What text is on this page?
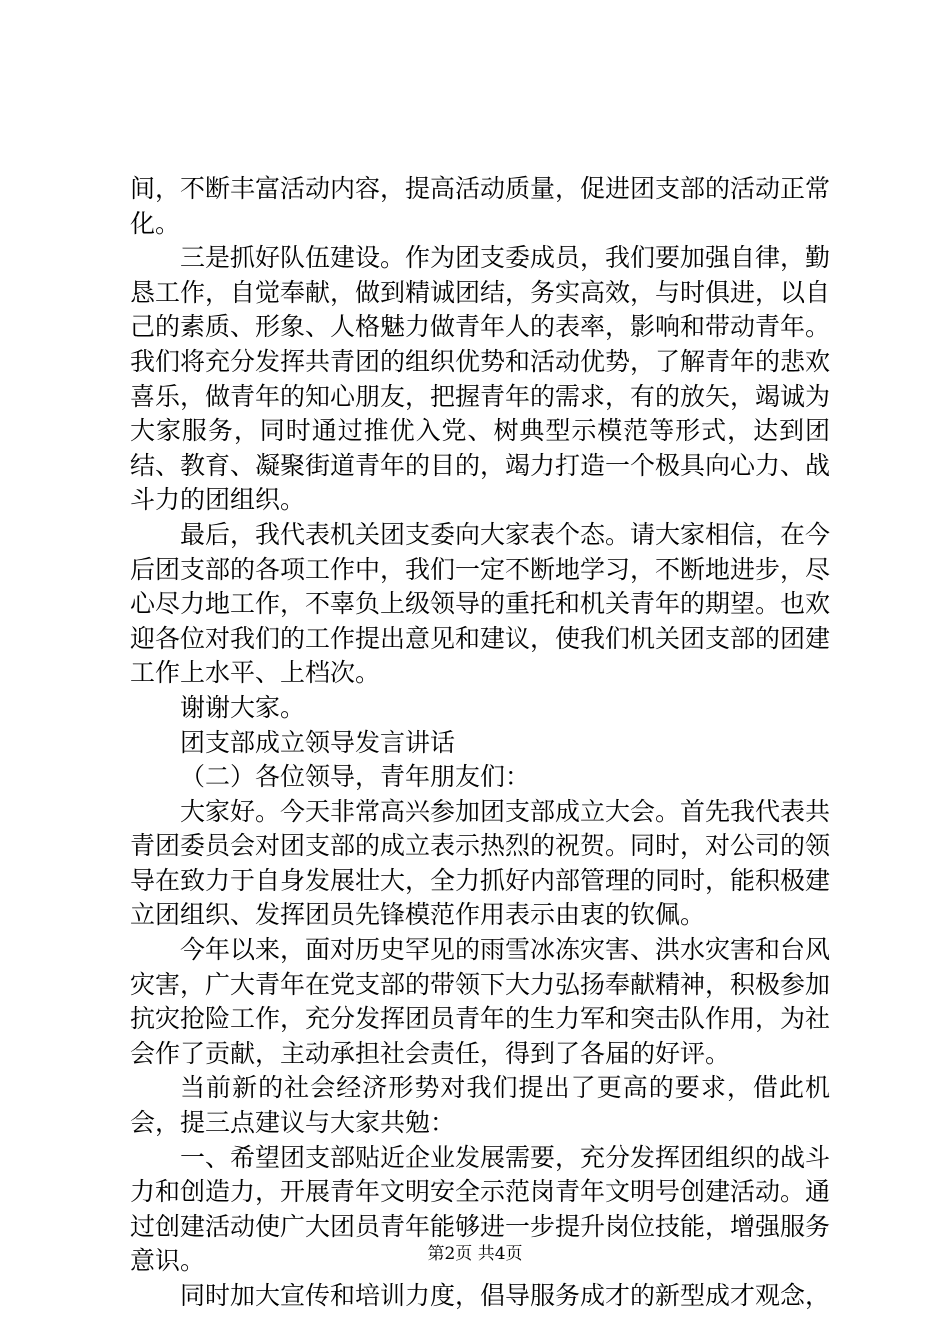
间，不断丰富活动内容，提高活动质量，促进团支部的活动正常化。

三是抓好队伍建设。作为团支委成员，我们要加强自律，勤恳工作，自觉奉献，做到精诚团结，务实高效，与时俱进，以自己的素质、形象、人格魅力做青年人的表率，影响和带动青年。我们将充分发挥共青团的组织优势和活动优势，了解青年的悲欢喜乐，做青年的知心朋友，把握青年的需求，有的放矢，竭诚为大家服务，同时通过推优入党、树典型示模范等形式，达到团结、教育、凝聚街道青年的目的，竭力打造一个极具向心力、战斗力的团组织。

最后，我代表机关团支委向大家表个态。请大家相信，在今后团支部的各项工作中，我们一定不断地学习，不断地进步，尽心尽力地工作，不辜负上级领导的重托和机关青年的期望。也欢迎各位对我们的工作提出意见和建议，使我们机关团支部的团建工作上水平、上档次。

谢谢大家。

团支部成立领导发言讲话

（二）各位领导，青年朋友们：

大家好。今天非常高兴参加团支部成立大会。首先我代表共青团委员会对团支部的成立表示热烈的祝贺。同时，对公司的领导在致力于自身发展壮大，全力抓好内部管理的同时，能积极建立团组织、发挥团员先锋模范作用表示由衷的钦佩。

今年以来，面对历史罕见的雨雪冰冻灾害、洪水灾害和台风灾害，广大青年在党支部的带领下大力弘扬奉献精神，积极参加抗灾抢险工作，充分发挥团员青年的生力军和突击队作用，为社会作了贡献，主动承担社会责任，得到了各届的好评。

当前新的社会经济形势对我们提出了更高的要求，借此机会，提三点建议与大家共勉：

一、希望团支部贴近企业发展需要，充分发挥团组织的战斗力和创造力，开展青年文明安全示范岗青年文明号创建活动。通过创建活动使广大团员青年能够进一步提升岗位技能，增强服务意识。

同时加大宣传和培训力度，倡导服务成才的新型成才观念，

第2页 共4页
